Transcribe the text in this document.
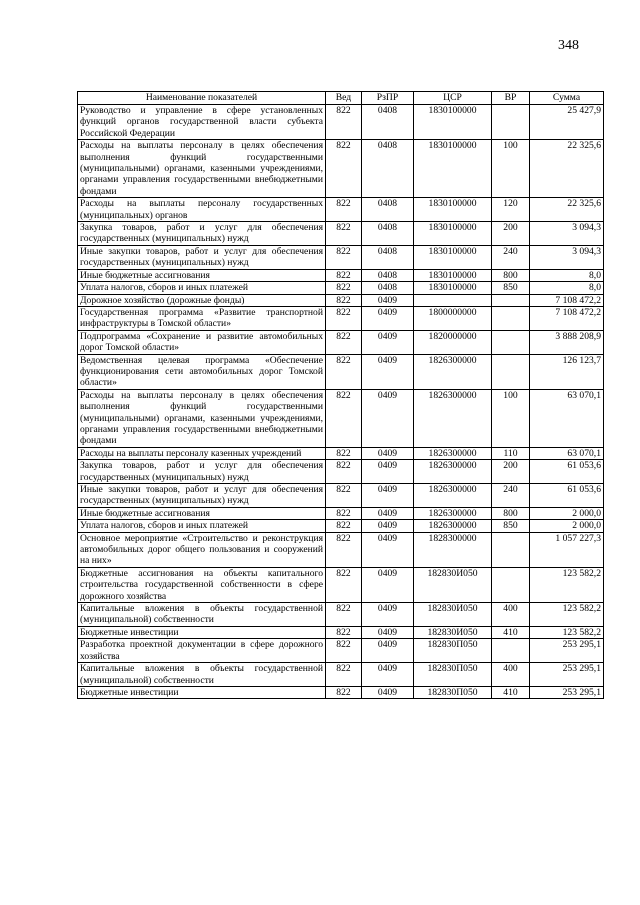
348
Наименование показателей	Вед	РзПР	ЦСР	ВР	Сумма
Руководство и управление в сфере установленных функций органов государственной власти субъекта Российской Федерации	822	0408	1830100000		25 427,9
Расходы на выплаты персоналу в целях обеспечения выполнения функций государственными (муниципальными) органами, казенными учреждениями, органами управления государственными внебюджетными фондами	822	0408	1830100000	100	22 325,6
Расходы на выплаты персоналу государственных (муниципальных) органов	822	0408	1830100000	120	22 325,6
Закупка товаров, работ и услуг для обеспечения государственных (муниципальных) нужд	822	0408	1830100000	200	3 094,3
Иные закупки товаров, работ и услуг для обеспечения государственных (муниципальных) нужд	822	0408	1830100000	240	3 094,3
Иные бюджетные ассигнования	822	0408	1830100000	800	8,0
Уплата налогов, сборов и иных платежей	822	0408	1830100000	850	8,0
Дорожное хозяйство (дорожные фонды)	822	0409			7 108 472,2
Государственная программа «Развитие транспортной инфраструктуры в Томской области»	822	0409	1800000000		7 108 472,2
Подпрограмма «Сохранение и развитие автомобильных дорог Томской области»	822	0409	1820000000		3 888 208,9
Ведомственная целевая программа «Обеспечение функционирования сети автомобильных дорог Томской области»	822	0409	1826300000		126 123,7
Расходы на выплаты персоналу в целях обеспечения выполнения функций государственными (муниципальными) органами, казенными учреждениями, органами управления государственными внебюджетными фондами	822	0409	1826300000	100	63 070,1
Расходы на выплаты персоналу казенных учреждений	822	0409	1826300000	110	63 070,1
Закупка товаров, работ и услуг для обеспечения государственных (муниципальных) нужд	822	0409	1826300000	200	61 053,6
Иные закупки товаров, работ и услуг для обеспечения государственных (муниципальных) нужд	822	0409	1826300000	240	61 053,6
Иные бюджетные ассигнования	822	0409	1826300000	800	2 000,0
Уплата налогов, сборов и иных платежей	822	0409	1826300000	850	2 000,0
Основное мероприятие «Строительство и реконструкция автомобильных дорог общего пользования и сооружений на них»	822	0409	1828300000		1 057 227,3
Бюджетные ассигнования на объекты капитального строительства государственной собственности в сфере дорожного хозяйства	822	0409	182830И050		123 582,2
Капитальные вложения в объекты государственной (муниципальной) собственности	822	0409	182830И050	400	123 582,2
Бюджетные инвестиции	822	0409	182830И050	410	123 582,2
Разработка проектной документации в сфере дорожного хозяйства	822	0409	182830П050		253 295,1
Капитальные вложения в объекты государственной (муниципальной) собственности	822	0409	182830П050	400	253 295,1
Бюджетные инвестиции	822	0409	182830П050	410	253 295,1
